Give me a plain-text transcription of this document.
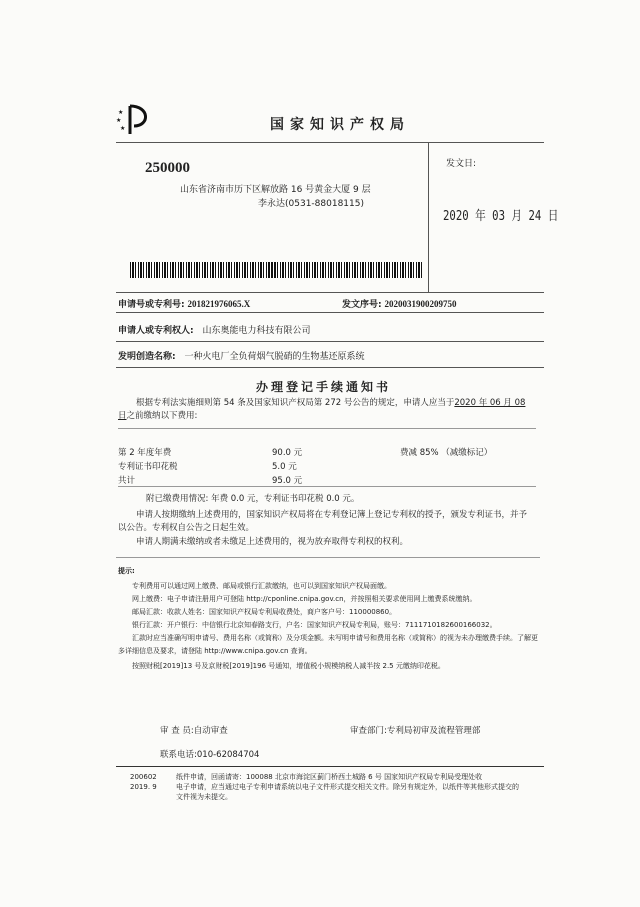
★
★
★	国家知识产权局
250000
山东省济南市历下区解放路 16 号黄金大厦 9 层
李永达(0531-88018115)
发文日:
2020 年 03 月 24 日
申请号或专利号: 201821976065.X	发文序号: 2020031900209750
申请人或专利权人: 山东奥能电力科技有限公司
发明创造名称: 一种火电厂全负荷烟气脱硝的生物基还原系统
办理登记手续通知书
根据专利法实施细则第 54 条及国家知识产权局第 272 号公告的规定，申请人应当于2020 年 06 月 08 日之前缴纳以下费用:
第 2 年度年费	90.0 元	费减 85% （减缴标记）
专利证书印花税	5.0 元
共计	95.0 元
附已缴费用情况: 年费 0.0 元，专利证书印花税 0.0 元。
申请人按期缴纳上述费用的，国家知识产权局将在专利登记簿上登记专利权的授予，颁发专利证书，并予以公告。专利权自公告之日起生效。
申请人期满未缴纳或者未缴足上述费用的，视为放弃取得专利权的权利。
提示:
专利费用可以通过网上缴费、邮局或银行汇款缴纳，也可以到国家知识产权局面缴。
网上缴费：电子申请注册用户可登陆 http://cponline.cnipa.gov.cn，并按照相关要求使用网上缴费系统缴纳。
邮局汇款：收款人姓名：国家知识产权局专利局收费处，商户客户号：110000860。
银行汇款：开户银行：中信银行北京知春路支行，户名：国家知识产权局专利局，账号：7111710182600166032。
汇款时应当准确写明申请号、费用名称（或简称）及分项金额。未写明申请号和费用名称（或简称）的视为未办理缴费手续。了解更多详细信息及要求，请登陆 http://www.cnipa.gov.cn 查询。
按照财税[2019]13 号及京财税[2019]196 号通知，增值税小规模纳税人减半按 2.5 元缴纳印花税。
审 查 员:自动审查	审查部门:专利局初审及流程管理部
联系电话:010-62084704
200602
2019. 9
纸件申请，回函请寄：100088 北京市海淀区蓟门桥西土城路 6 号 国家知识产权局专利局受理处收
电子申请，应当通过电子专利申请系统以电子文件形式提交相关文件。除另有规定外，以纸件等其他形式提交的
文件视为未提交。
